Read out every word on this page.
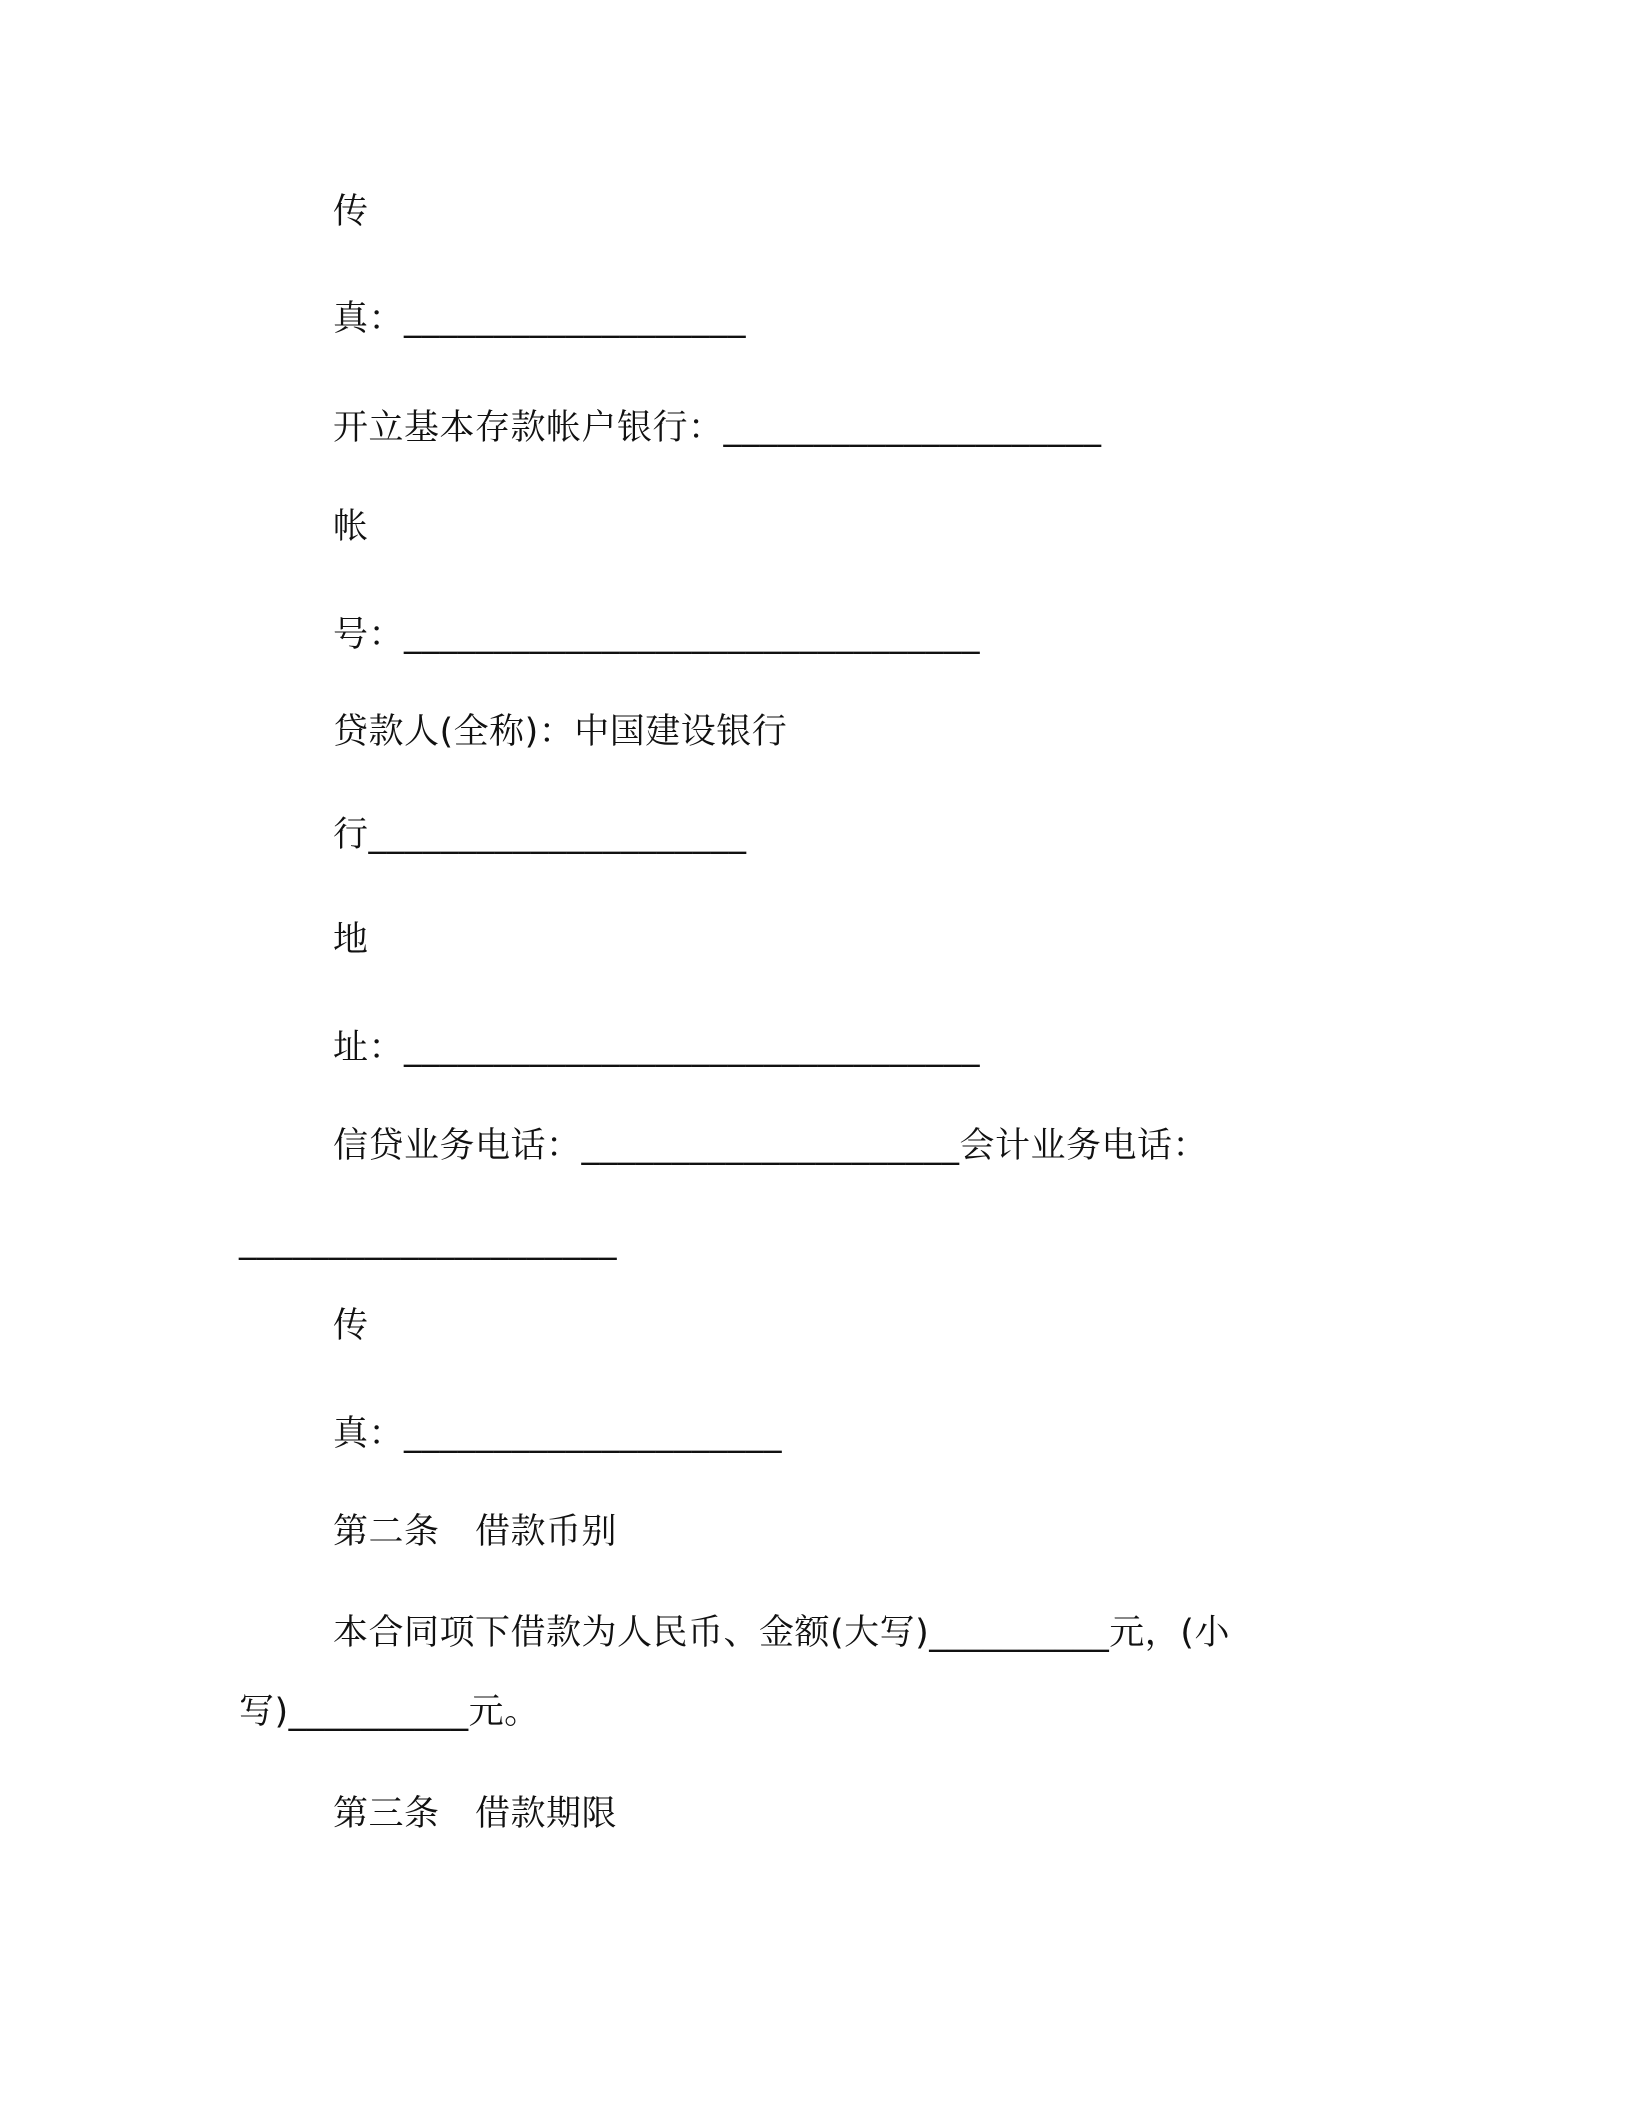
传
真：___________________
开立基本存款帐户银行：_____________________
帐
号：________________________________
贷款人(全称)：中国建设银行
行_____________________
地
址：________________________________
信贷业务电话：_____________________会计业务电话：
_____________________
传
真：_____________________
第二条　借款币别
本合同项下借款为人民币、金额(大写)__________元，(小
写)__________元。
第三条　借款期限
